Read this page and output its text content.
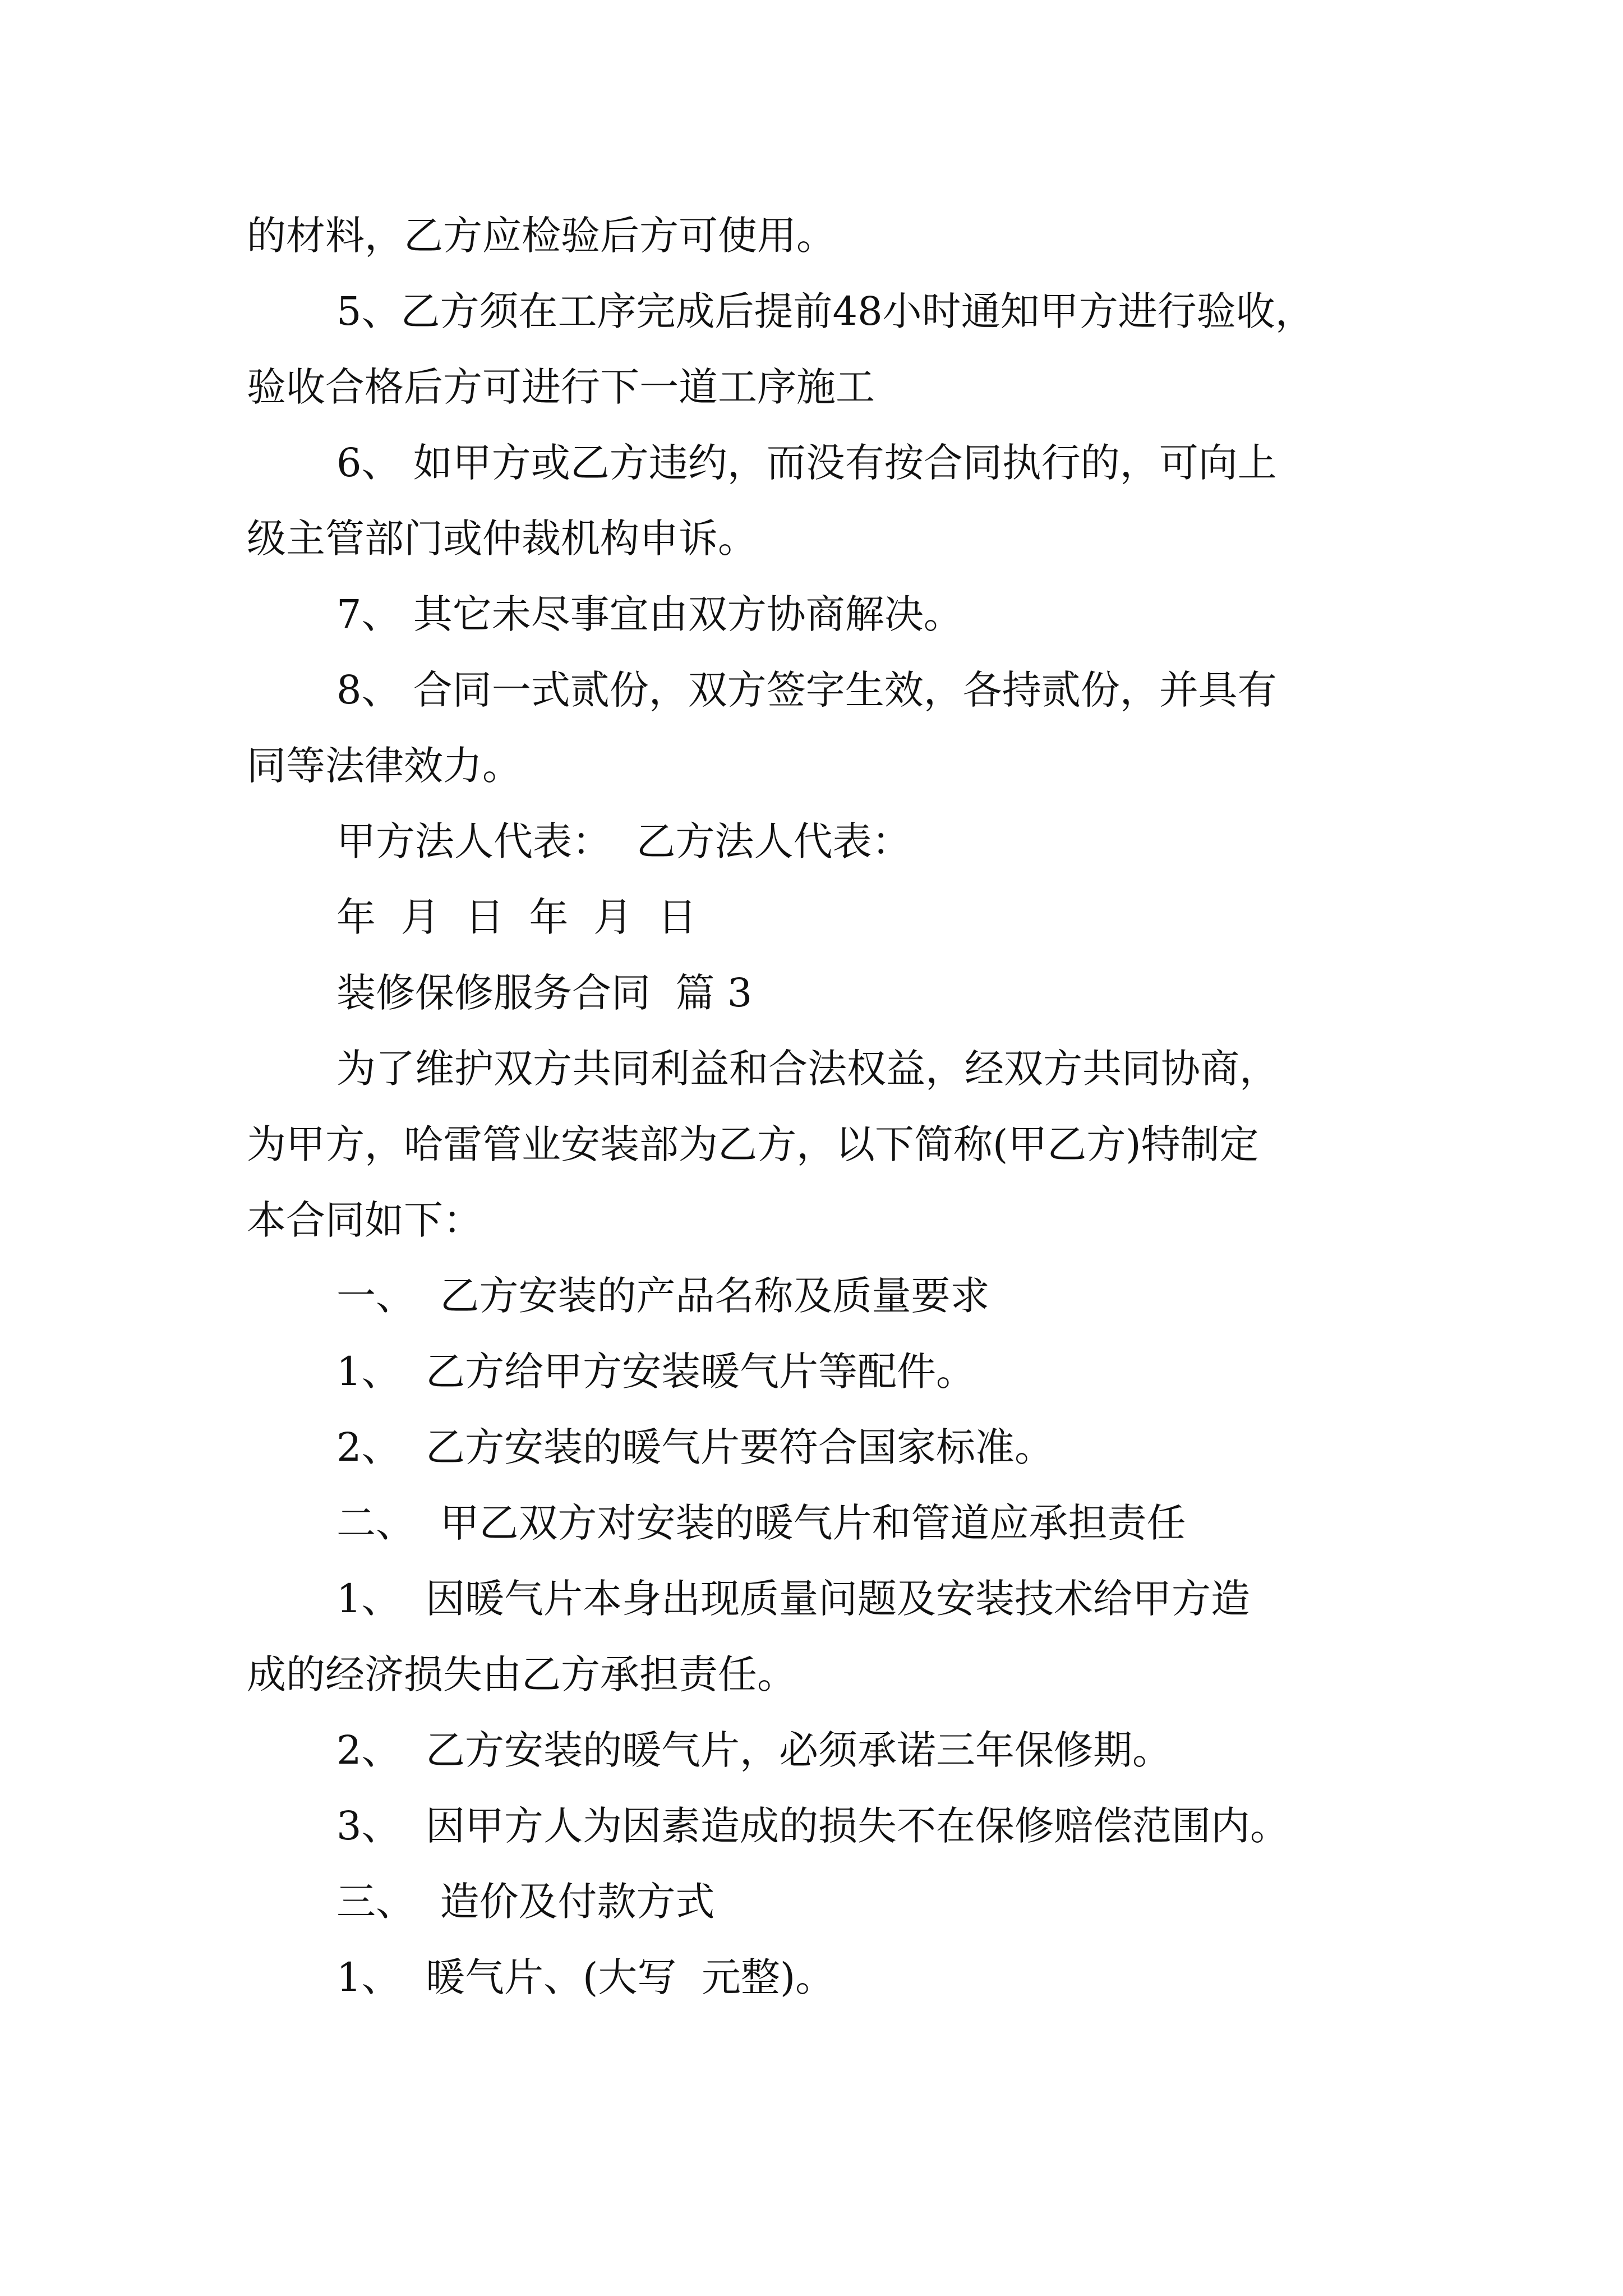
的材料，乙方应检验后方可使用。
5、乙方须在工序完成后提前48小时通知甲方进行验收，
验收合格后方可进行下一道工序施工
6、 如甲方或乙方违约，而没有按合同执行的，可向上
级主管部门或仲裁机构申诉。
7、 其它未尽事宜由双方协商解决。
8、 合同一式贰份，双方签字生效，各持贰份，并具有
同等法律效力。
甲方法人代表：  乙方法人代表：
年  月  日  年  月  日
装修保修服务合同  篇 3
为了维护双方共同利益和合法权益，经双方共同协商，
为甲方，哈雷管业安装部为乙方，以下简称(甲乙方)特制定
本合同如下：
一、  乙方安装的产品名称及质量要求
1、  乙方给甲方安装暖气片等配件。
2、  乙方安装的暖气片要符合国家标准。
二、  甲乙双方对安装的暖气片和管道应承担责任
1、  因暖气片本身出现质量问题及安装技术给甲方造
成的经济损失由乙方承担责任。
2、  乙方安装的暖气片，必须承诺三年保修期。
3、  因甲方人为因素造成的损失不在保修赔偿范围内。
三、  造价及付款方式
1、  暖气片、(大写  元整)。
